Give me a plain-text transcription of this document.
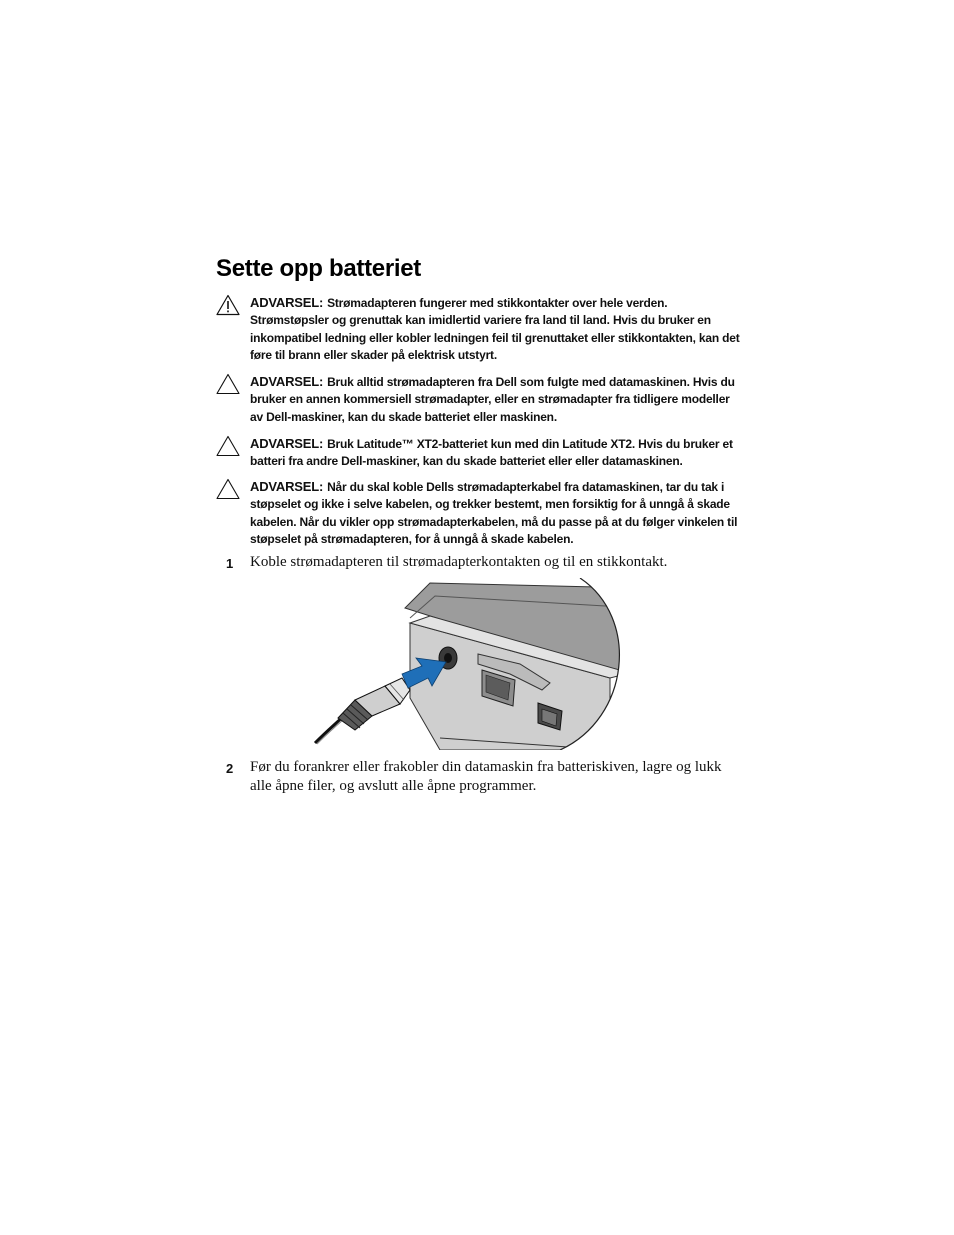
Sette opp batteriet
ADVARSEL: Strømadapteren fungerer med stikkontakter over hele verden. Strømstøpsler og grenuttak kan imidlertid variere fra land til land. Hvis du bruker en inkompatibel ledning eller kobler ledningen feil til grenuttaket eller stikkontakten, kan det føre til brann eller skader på elektrisk utstyrt.
ADVARSEL: Bruk alltid strømadapteren fra Dell som fulgte med datamaskinen. Hvis du bruker en annen kommersiell strømadapter, eller en strømadapter fra tidligere modeller av Dell-maskiner, kan du skade batteriet eller maskinen.
ADVARSEL: Bruk Latitude™ XT2-batteriet kun med din Latitude XT2. Hvis du bruker et batteri fra andre Dell-maskiner, kan du skade batteriet eller eller datamaskinen.
ADVARSEL: Når du skal koble Dells strømadapterkabel fra datamaskinen, tar du tak i støpselet og ikke i selve kabelen, og trekker bestemt, men forsiktig for å unngå å skade kabelen. Når du vikler opp strømadapterkabelen, må du passe på at du følger vinkelen til støpselet på strømadapteren, for å unngå å skade kabelen.
1 Koble strømadapteren til strømadapterkontakten og til en stikkontakt.
2 Før du forankrer eller frakobler din datamaskin fra batteriskiven, lagre og lukk alle åpne filer, og avslutt alle åpne programmer.
